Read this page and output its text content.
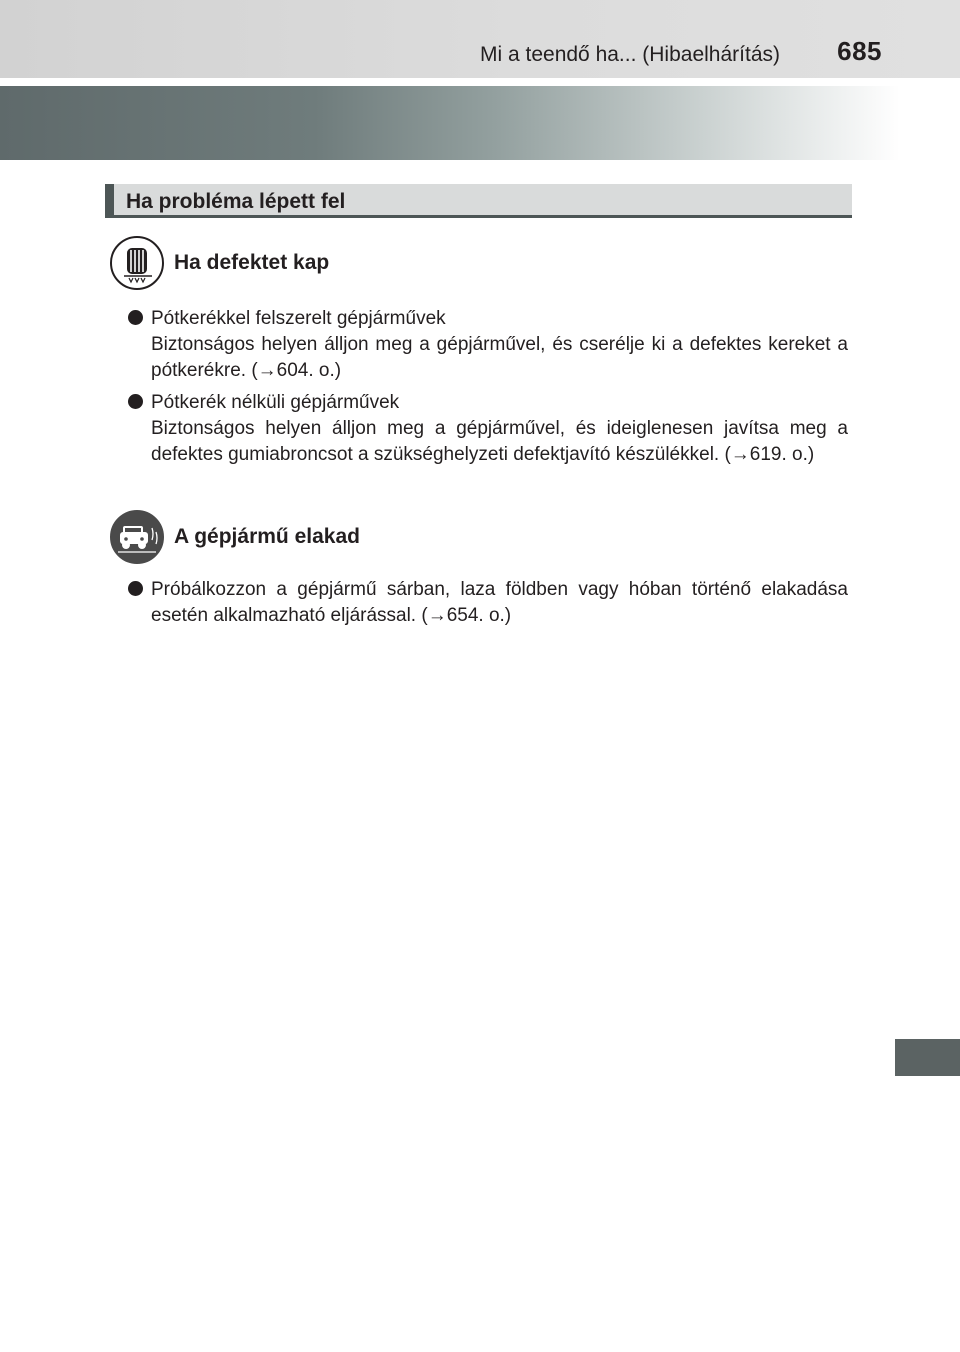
Mi a teendő ha... (Hibaelhárítás) 685
Ha probléma lépett fel
Ha defektet kap
Pótkerékkel felszerelt gépjárművek
Biztonságos helyen álljon meg a gépjárművel, és cserélje ki a defektes kereket a pótkerékre. (→604. o.)
Pótkerék nélküli gépjárművek
Biztonságos helyen álljon meg a gépjárművel, és ideiglenesen javítsa meg a defektes gumiabroncsot a szükséghelyzeti defektjavító készülékkel. (→619. o.)
A gépjármű elakad
Próbálkozzon a gépjármű sárban, laza földben vagy hóban történő elakadása esetén alkalmazható eljárással. (→654. o.)
